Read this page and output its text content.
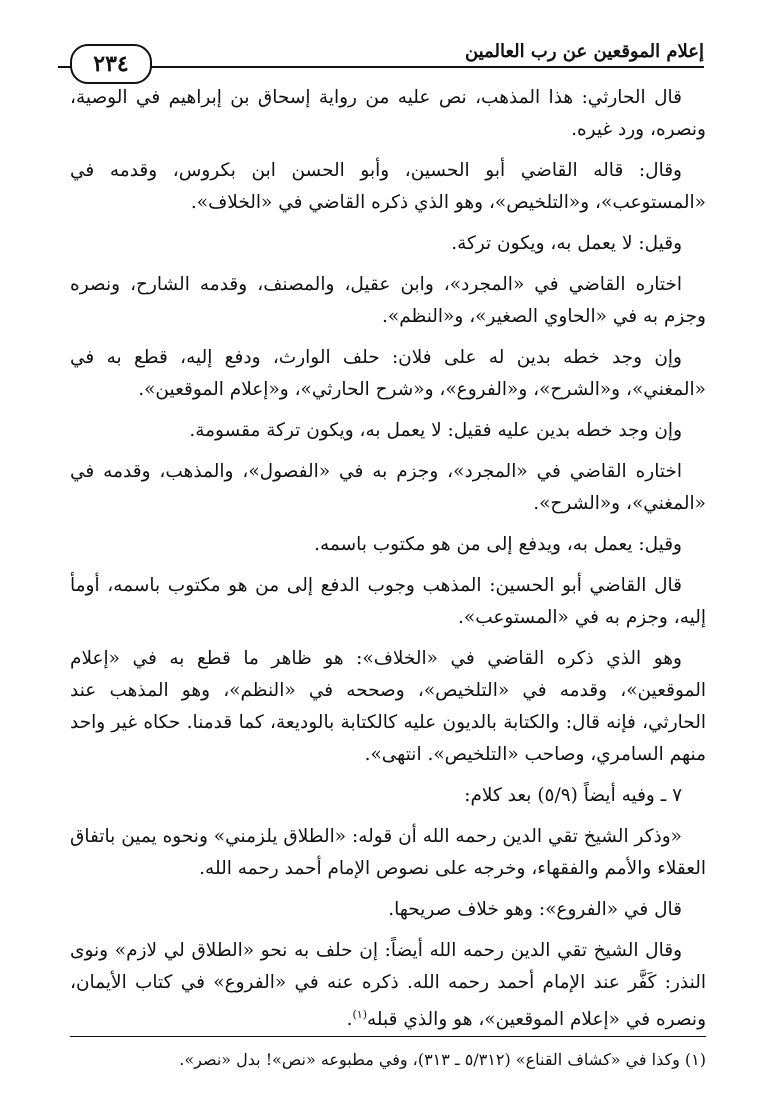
٢٣٤	إعلام الموقعين عن رب العالمين

قال الحارثي: هذا المذهب، نص عليه من رواية إسحاق بن إبراهيم في الوصية، ونصره، ورد غيره.

وقال: قاله القاضي أبو الحسين، وأبو الحسن ابن بكروس، وقدمه في «المستوعب»، و«التلخيص»، وهو الذي ذكره القاضي في «الخلاف».

وقيل: لا يعمل به، ويكون تركة.

اختاره القاضي في «المجرد»، وابن عقيل، والمصنف، وقدمه الشارح، ونصره وجزم به في «الحاوي الصغير»، و«النظم».

وإن وجد خطه بدين له على فلان: حلف الوارث، ودفع إليه، قطع به في «المغني»، و«الشرح»، و«الفروع»، و«شرح الحارثي»، و«إعلام الموقعين».

وإن وجد خطه بدين عليه فقيل: لا يعمل به، ويكون تركة مقسومة.

اختاره القاضي في «المجرد»، وجزم به في «الفصول»، والمذهب، وقدمه في «المغني»، و«الشرح».

وقيل: يعمل به، ويدفع إلى من هو مكتوب باسمه.

قال القاضي أبو الحسين: المذهب وجوب الدفع إلى من هو مكتوب باسمه، أومأ إليه، وجزم به في «المستوعب».

وهو الذي ذكره القاضي في «الخلاف»: هو ظاهر ما قطع به في «إعلام الموقعين»، وقدمه في «التلخيص»، وصححه في «النظم»، وهو المذهب عند الحارثي، فإنه قال: والكتابة بالديون عليه كالكتابة بالوديعة، كما قدمنا. حكاه غير واحد منهم السامري، وصاحب «التلخيص». انتهى».

٧ ـ وفيه أيضاً (٥/٩) بعد كلام:

«وذكر الشيخ تقي الدين رحمه الله أن قوله: «الطلاق يلزمني» ونحوه يمين باتفاق العقلاء والأمم والفقهاء، وخرجه على نصوص الإمام أحمد رحمه الله.

قال في «الفروع»: وهو خلاف صريحها.

وقال الشيخ تقي الدين رحمه الله أيضاً: إن حلف به نحو «الطلاق لي لازم» ونوى النذر: كَفَّر عند الإمام أحمد رحمه الله. ذكره عنه في «الفروع» في كتاب الأيمان، ونصره في «إعلام الموقعين»، هو والذي قبله$^{(١)}$.

(١) وكذا في «كشاف القناع» (٥/٣١٢ ـ ٣١٣)، وفي مطبوعه «نص»! بدل «نصر».
